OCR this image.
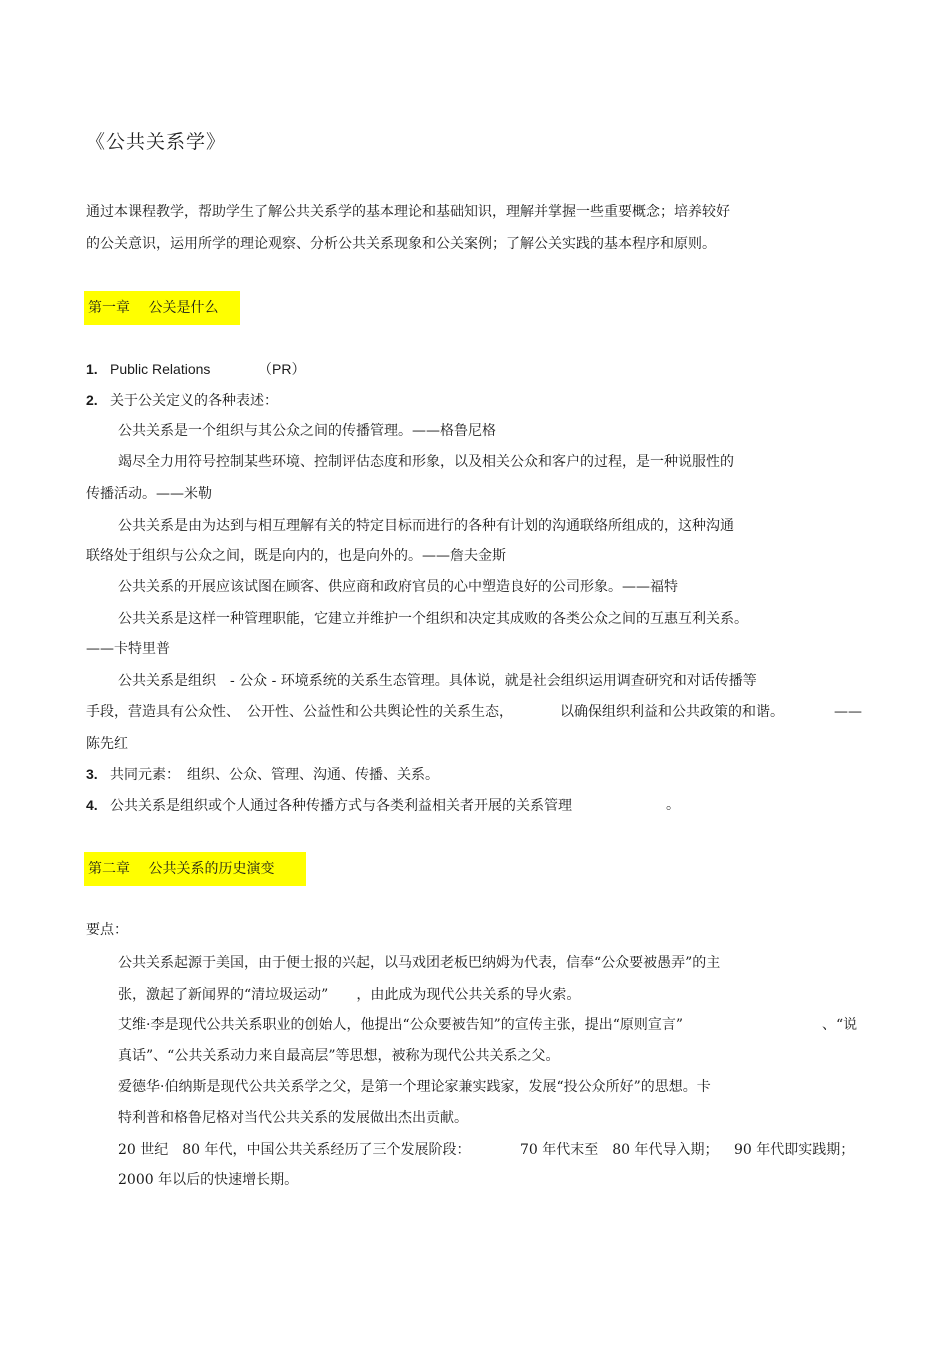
《公共关系学》
通过本课程教学，帮助学生了解公共关系学的基本理论和基础知识，理解并掌握一些重要概念；培养较好
的公关意识，运用所学的理论观察、分析公共关系现象和公关案例；了解公关实践的基本程序和原则。
第一章　 公关是什么
1. Public Relations	（PR）
2. 关于公关定义的各种表述：
公共关系是一个组织与其公众之间的传播管理。——格鲁尼格
竭尽全力用符号控制某些环境、控制评估态度和形象，以及相关公众和客户的过程，是一种说服性的
传播活动。——米勒
公共关系是由为达到与相互理解有关的特定目标而进行的各种有计划的沟通联络所组成的，这种沟通
联络处于组织与公众之间，既是向内的，也是向外的。——詹夫金斯
公共关系的开展应该试图在顾客、供应商和政府官员的心中塑造良好的公司形象。——福特
公共关系是这样一种管理职能，它建立并维护一个组织和决定其成败的各类公众之间的互惠互利关系。
——卡特里普
公共关系是组织　- 公众 - 环境系统的关系生态管理。具体说，就是社会组织运用调查研究和对话传播等
手段，营造具有公众性、　公开性、公益性和公共舆论性的关系生态，	以确保组织利益和公共政策的和谐。	——
陈先红
3. 共同元素：　组织、公众、管理、沟通、传播、关系。
4. 公共关系是组织或个人通过各种传播方式与各类利益相关者开展的关系管理	。
第二章　 公共关系的历史演变
要点：
公共关系起源于美国，由于便士报的兴起，以马戏团老板巴纳姆为代表，信奉“公众要被愚弄”的主
张，激起了新闻界的“清垃圾运动”　　，由此成为现代公共关系的导火索。
艾维·李是现代公共关系职业的创始人，他提出“公众要被告知”的宣传主张，提出“原则宣言”	、“说
真话”、“公共关系动力来自最高层”等思想，被称为现代公共关系之父。
爱德华·伯纳斯是现代公共关系学之父，是第一个理论家兼实践家，发展“投公众所好”的思想。卡
特利普和格鲁尼格对当代公共关系的发展做出杰出贡献。
20 世纪　80 年代，中国公共关系经历了三个发展阶段：	70 年代末至　80 年代导入期； 90 年代即实践期；
2000 年以后的快速增长期。
